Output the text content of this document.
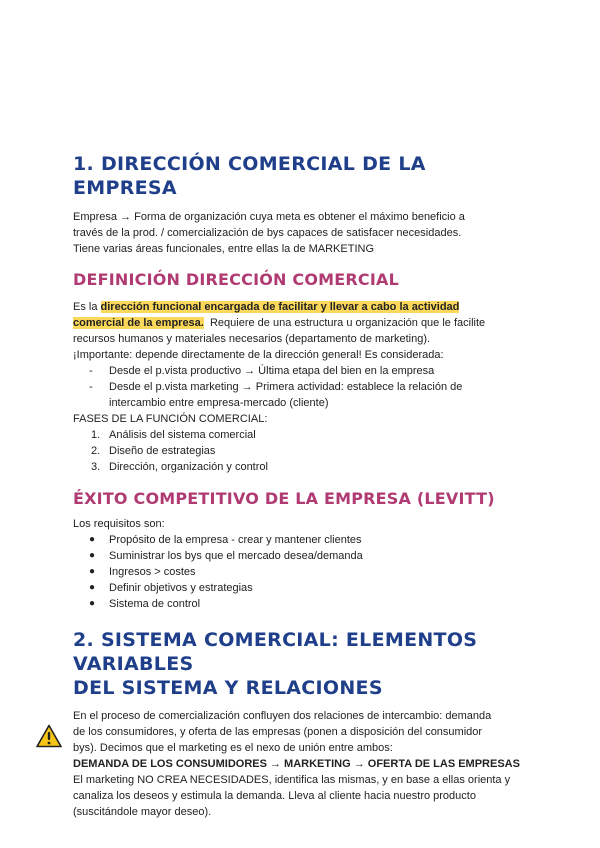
1. DIRECCIÓN COMERCIAL DE LA EMPRESA

Empresa → Forma de organización cuya meta es obtener el máximo beneficio a

través de la prod. / comercialización de bys capaces de satisfacer necesidades.

Tiene varias áreas funcionales, entre ellas la de MARKETING

DEFINICIÓN DIRECCIÓN COMERCIAL

Es la dirección funcional encargada de facilitar y llevar a cabo la actividad

comercial de la empresa.  Requiere de una estructura u organización que le facilite

recursos humanos y materiales necesarios (departamento de marketing).

¡Importante: depende directamente de la dirección general! Es considerada:

- Desde el p.vista productivo → Última etapa del bien en la empresa
- Desde el p.vista marketing → Primera actividad: establece la relación de
intercambio entre empresa-mercado (cliente)

FASES DE LA FUNCIÓN COMERCIAL:

1. Análisis del sistema comercial
2. Diseño de estrategias
3. Dirección, organización y control
ÉXITO COMPETITIVO DE LA EMPRESA (LEVITT)

Los requisitos son:

● Propósito de la empresa - crear y mantener clientes
● Suministrar los bys que el mercado desea/demanda
● Ingresos > costes
● Definir objetivos y estrategias
● Sistema de control
2. SISTEMA COMERCIAL: ELEMENTOS VARIABLES
DEL SISTEMA Y RELACIONES

En el proceso de comercialización confluyen dos relaciones de intercambio: demanda

de los consumidores, y oferta de las empresas (ponen a disposición del consumidor

bys). Decimos que el marketing es el nexo de unión entre ambos:

DEMANDA DE LOS CONSUMIDORES → MARKETING → OFERTA DE LAS EMPRESAS

El marketing NO CREA NECESIDADES, identifica las mismas, y en base a ellas orienta y

canaliza los deseos y estimula la demanda. Lleva al cliente hacia nuestro producto

(suscitándole mayor deseo).
